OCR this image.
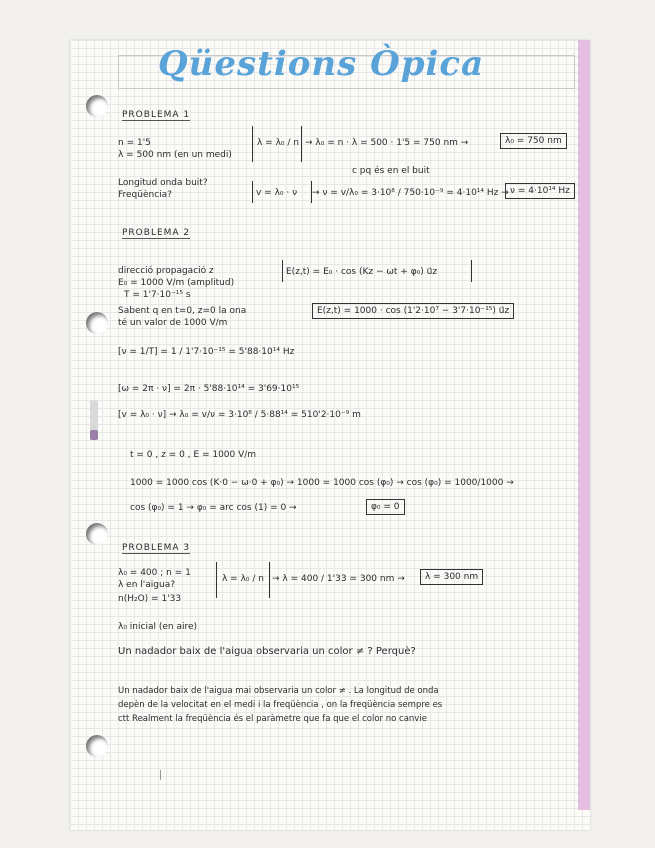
Qüestions Òpica
PROBLEMA 1
n = 1'5
λ = 500 nm (en un medi)
λ = λ₀ / n → λ₀ = n · λ = 500 · 1'5 = 750 nm →	λ₀ = 750 nm
c pq és en el buit
Longitud onda buit?
Freqüència?	v = λ₀ · ν → ν = v/λ₀ = 3·10⁸ / 750·10⁻⁹ = 4·10¹⁴ Hz → ν = 4·10¹⁴ Hz
PROBLEMA 2
direcció propagació z
E₀ = 1000 V/m (amplitud)
T = 1'7·10⁻¹⁵ s
Sabent q en t=0, z=0 la ona
té un valor de 1000 V/m
E(z,t) = E₀ · cos (Kz − ωt + φ₀) u⃗z
E(z,t) = 1000 · cos (1'2·10⁷ − 3'7·10⁻¹⁵) u⃗z
[ν = 1/T] = 1 / 1'7·10⁻¹⁵ = 5'88·10¹⁴ Hz
[ω = 2π · ν] = 2π · 5'88·10¹⁴ = 3'69·10¹⁵
[v = λ₀ · ν] → λ₀ = v/ν = 3·10⁸ / 5·88¹⁴ = 510'2·10⁻⁹ m
t = 0 , z = 0 , E = 1000 V/m
1000 = 1000 cos (K·0 − ω·0 + φ₀) → 1000 = 1000 cos (φ₀) → cos (φ₀) = 1000/1000 →
cos (φ₀) = 1 → φ₀ = arc cos (1) = 0 →	φ₀ = 0
PROBLEMA 3
λ₀ = 400 ; n = 1
λ en l'aigua?
n(H₂O) = 1'33
λ = λ₀ / n → λ = 400 / 1'33 = 300 nm →	λ = 300 nm
λ₀ inicial (en aire)
Un nadador baix de l'aigua observaria un color ≠ ? Perquè?
Un nadador baix de l'aigua mai observaria un color ≠ . La longitud de onda
depèn de la velocitat en el medi i la freqüència , on la freqüència sempre es
ctt Realment la freqüència és el paràmetre que fa que el color no canvie
